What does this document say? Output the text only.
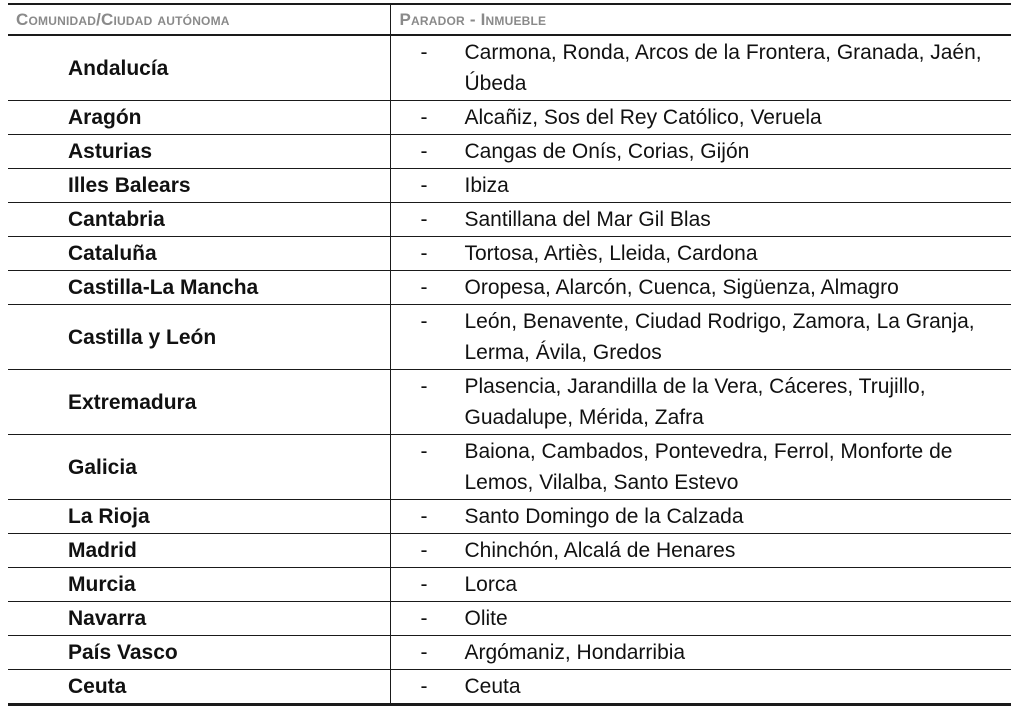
Comunidad/Ciudad autónoma	Parador - Inmueble
Andalucía	- Carmona, Ronda, Arcos de la Frontera, Granada, Jaén, Úbeda

Aragón	- Alcañiz, Sos del Rey Católico, Veruela

Asturias	- Cangas de Onís, Corias, Gijón

Illes Balears	- Ibiza

Cantabria	- Santillana del Mar Gil Blas

Cataluña	- Tortosa, Artiès, Lleida, Cardona

Castilla-La Mancha	- Oropesa, Alarcón, Cuenca, Sigüenza, Almagro

Castilla y León	- León, Benavente, Ciudad Rodrigo, Zamora, La Granja, Lerma, Ávila, Gredos

Extremadura	- Plasencia, Jarandilla de la Vera, Cáceres, Trujillo, Guadalupe, Mérida, Zafra

Galicia	- Baiona, Cambados, Pontevedra, Ferrol, Monforte de Lemos, Vilalba, Santo Estevo

La Rioja	- Santo Domingo de la Calzada

Madrid	- Chinchón, Alcalá de Henares

Murcia	- Lorca

Navarra	- Olite

País Vasco	- Argómaniz, Hondarribia

Ceuta	- Ceuta
